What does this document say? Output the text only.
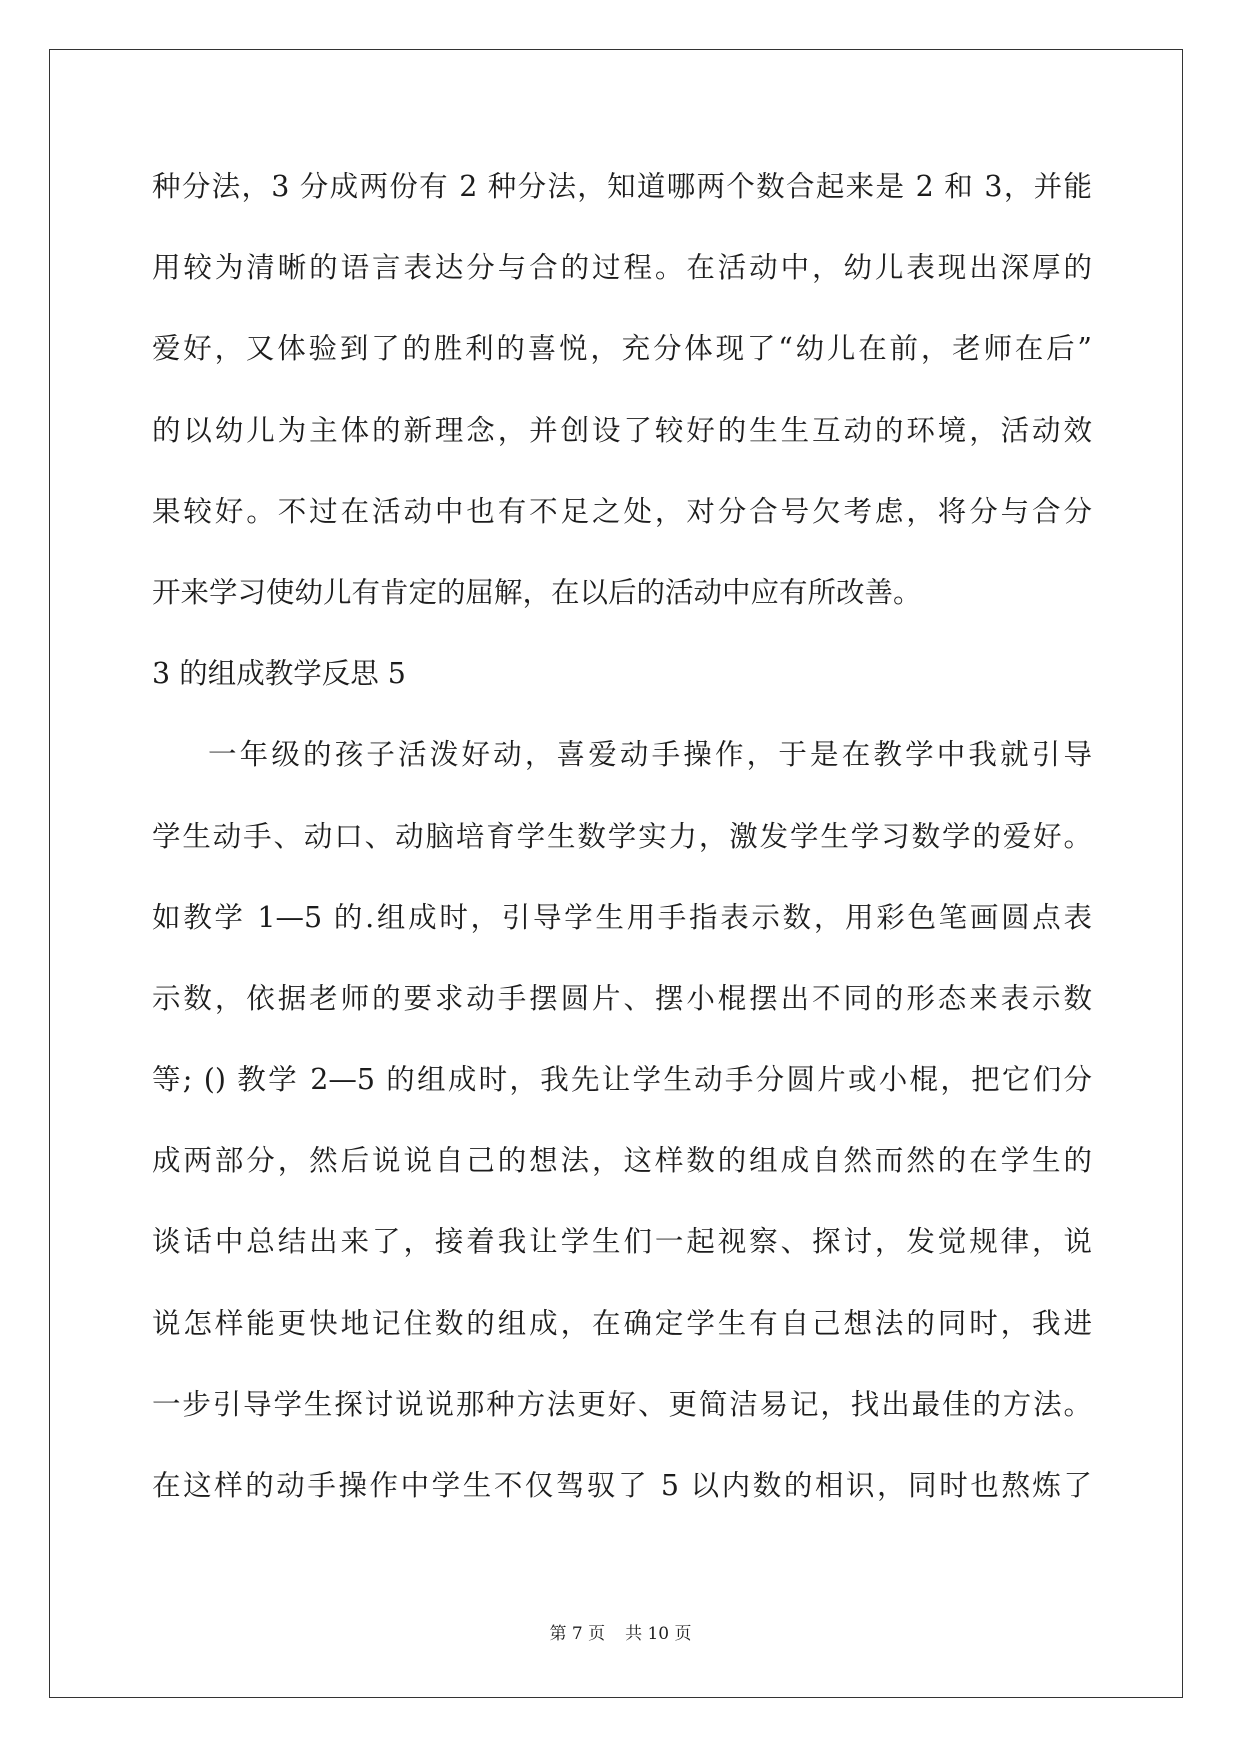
种分法，3 分成两份有 2 种分法，知道哪两个数合起来是 2 和 3，并能
用较为清晰的语言表达分与合的过程。在活动中，幼儿表现出深厚的
爱好，又体验到了的胜利的喜悦，充分体现了“幼儿在前，老师在后”
的以幼儿为主体的新理念，并创设了较好的生生互动的环境，活动效
果较好。不过在活动中也有不足之处，对分合号欠考虑，将分与合分
开来学习使幼儿有肯定的屈解，在以后的活动中应有所改善。
3 的组成教学反思 5
一年级的孩子活泼好动，喜爱动手操作，于是在教学中我就引导
学生动手、动口、动脑培育学生数学实力，激发学生学习数学的爱好。
如教学 1—5 的.组成时，引导学生用手指表示数，用彩色笔画圆点表
示数，依据老师的要求动手摆圆片、摆小棍摆出不同的形态来表示数
等; () 教学 2—5 的组成时，我先让学生动手分圆片或小棍，把它们分
成两部分，然后说说自己的想法，这样数的组成自然而然的在学生的
谈话中总结出来了，接着我让学生们一起视察、探讨，发觉规律，说
说怎样能更快地记住数的组成，在确定学生有自己想法的同时，我进
一步引导学生探讨说说那种方法更好、更简洁易记，找出最佳的方法。
在这样的动手操作中学生不仅驾驭了 5 以内数的相识，同时也熬炼了
第 7 页 共 10 页
